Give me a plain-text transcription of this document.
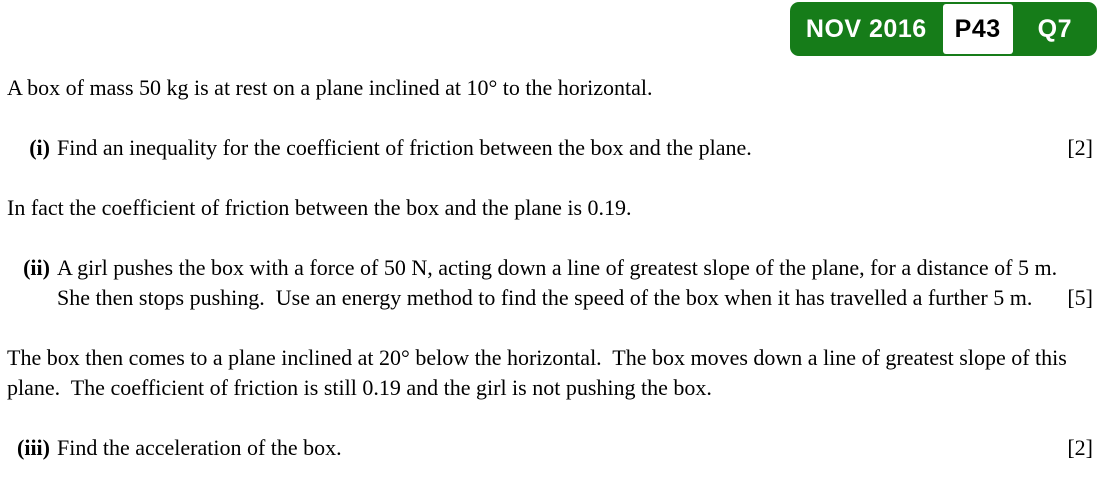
NOV 2016	P43	Q7

A box of mass 50 kg is at rest on a plane inclined at 10° to the horizontal.

(i) Find an inequality for the coefficient of friction between the box and the plane.	[2]

In fact the coefficient of friction between the box and the plane is 0.19.

(ii) A girl pushes the box with a force of 50 N, acting down a line of greatest slope of the plane, for a distance of 5 m.  She then stops pushing.  Use an energy method to find the speed of the box when it has travelled a further 5 m. [5]

The box then comes to a plane inclined at 20° below the horizontal.  The box moves down a line of greatest slope of this plane.  The coefficient of friction is still 0.19 and the girl is not pushing the box.

(iii) Find the acceleration of the box.	[2]
